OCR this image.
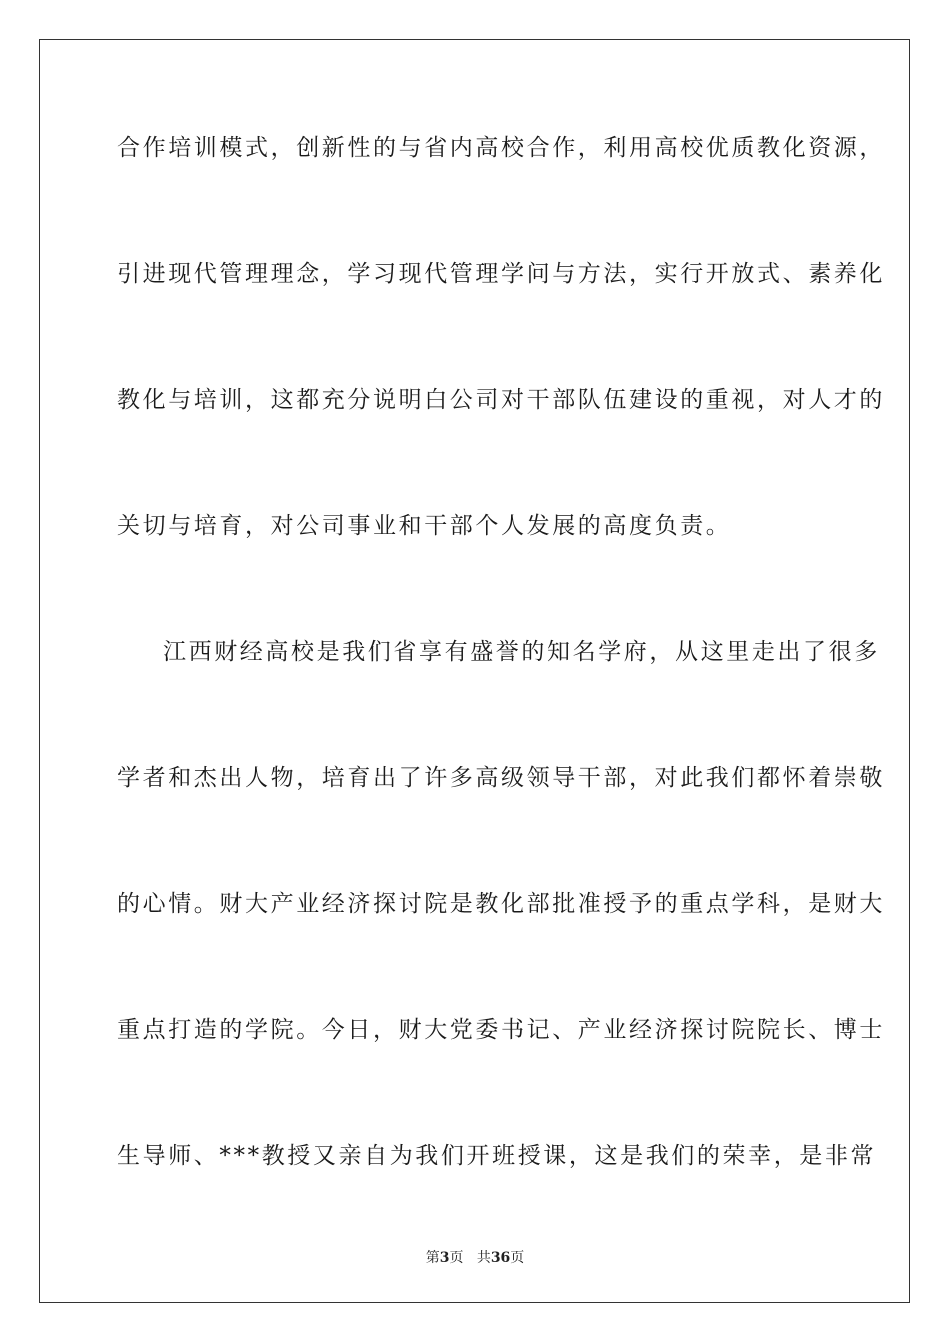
合作培训模式，创新性的与省内高校合作，利用高校优质教化资源，
引进现代管理理念，学习现代管理学问与方法，实行开放式、素养化
教化与培训，这都充分说明白公司对干部队伍建设的重视，对人才的
关切与培育，对公司事业和干部个人发展的高度负责。
江西财经高校是我们省享有盛誉的知名学府，从这里走出了很多
学者和杰出人物，培育出了许多高级领导干部，对此我们都怀着崇敬
的心情。财大产业经济探讨院是教化部批准授予的重点学科，是财大
重点打造的学院。今日，财大党委书记、产业经济探讨院院长、博士
生导师、***教授又亲自为我们开班授课，这是我们的荣幸，是非常
第3页 共36页
